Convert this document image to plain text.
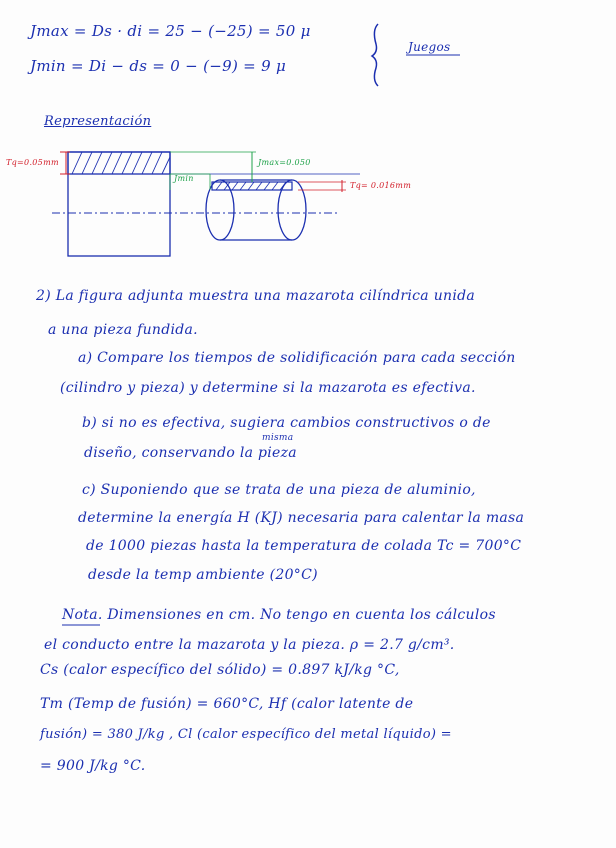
Jmax = Ds · di = 25 − (−25) = 50 μ
Jmin = Di − ds = 0 − (−9) = 9 μ
Juegos
Representación
Tq=0.05mm	Jmax=0.050
Jmin
Tq= 0.016mm
2) La figura adjunta muestra una mazarota cilíndrica unida
a una pieza fundida.
a) Compare los tiempos de solidificación para cada sección
(cilindro y pieza) y determine si la mazarota es efectiva.
b) si no es efectiva, sugiera cambios constructivos o de
misma
diseño, conservando la pieza
c) Suponiendo que se trata de una pieza de aluminio,
determine la energía H (KJ) necesaria para calentar la masa
de 1000 piezas hasta la temperatura de colada Tc = 700°C
desde la temp ambiente (20°C)
Nota. Dimensiones en cm. No tengo en cuenta los cálculos
el conducto entre la mazarota y la pieza. ρ = 2.7 g/cm³.
Cs (calor específico del sólido) = 0.897 kJ/kg °C,
Tm (Temp de fusión) = 660°C, Hf (calor latente de
fusión) = 380 J/kg , Cl (calor específico del metal líquido) =
= 900 J/kg °C.
